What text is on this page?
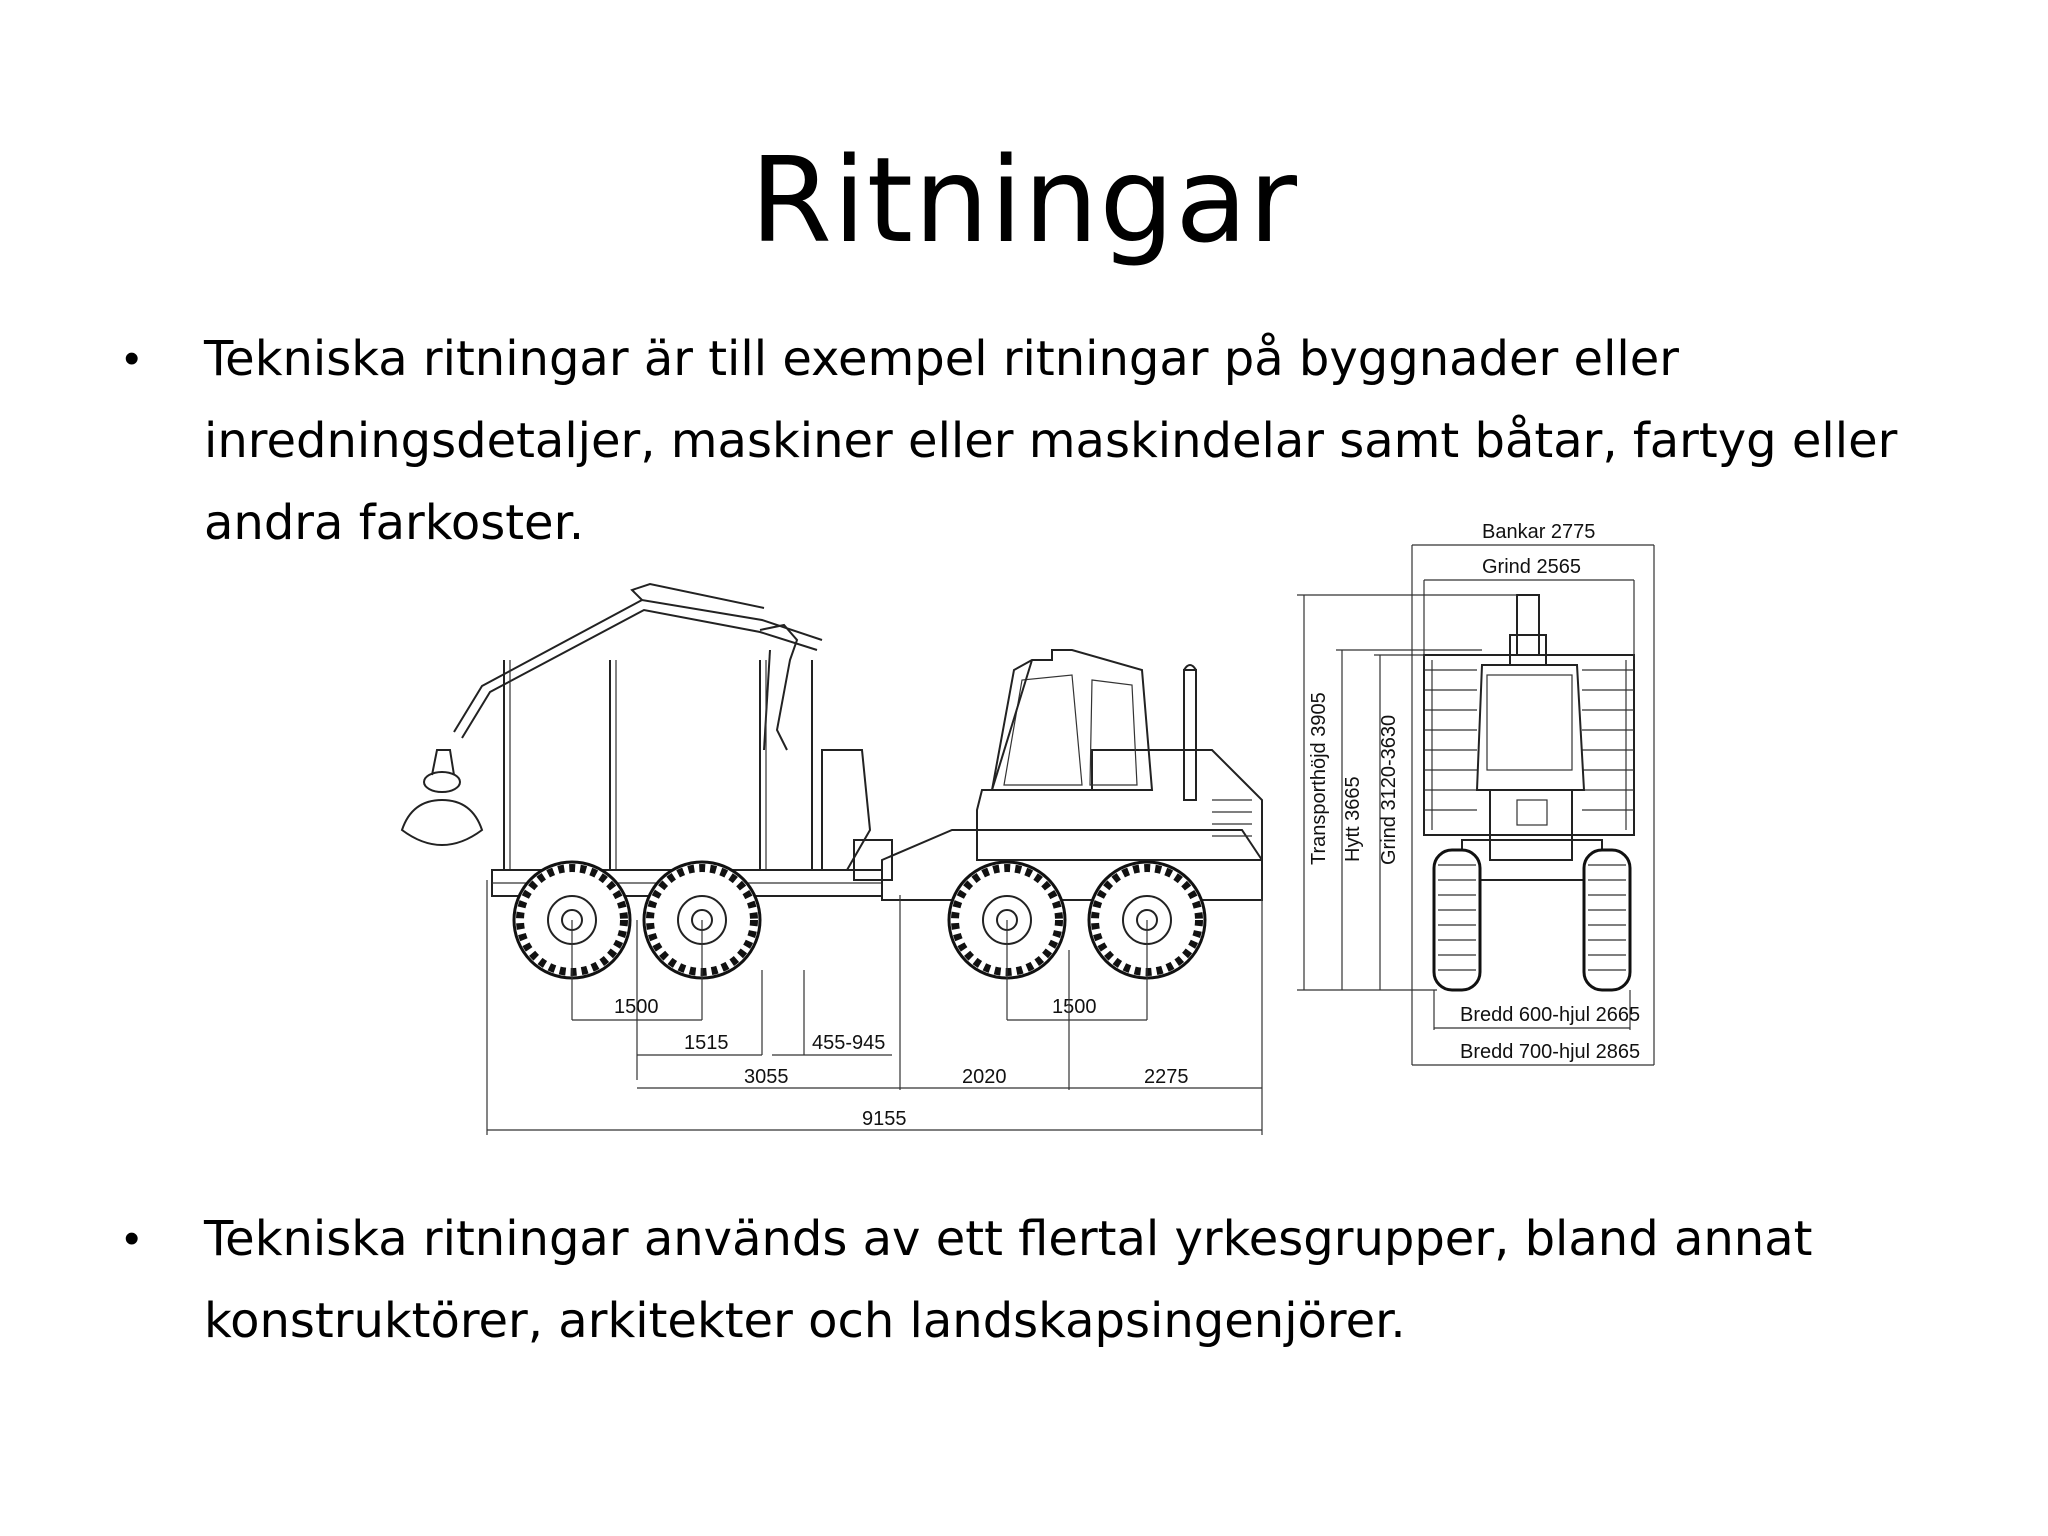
Ritningar
• Tekniska ritningar är till exempel ritningar på byggnader eller inredningsdetaljer, maskiner eller maskindelar samt båtar, fartyg eller andra farkoster.
1500	1500
1515	455-945
3055	2020	2275
9155
Bankar 2775
Grind 2565
Bredd 600-hjul 2665
Bredd 700-hjul 2865
Transporthöjd 3905 Hytt 3665 Grind 3120-3630
• Tekniska ritningar används av ett flertal yrkesgrupper, bland annat konstruktörer, arkitekter och landskapsingenjörer.
